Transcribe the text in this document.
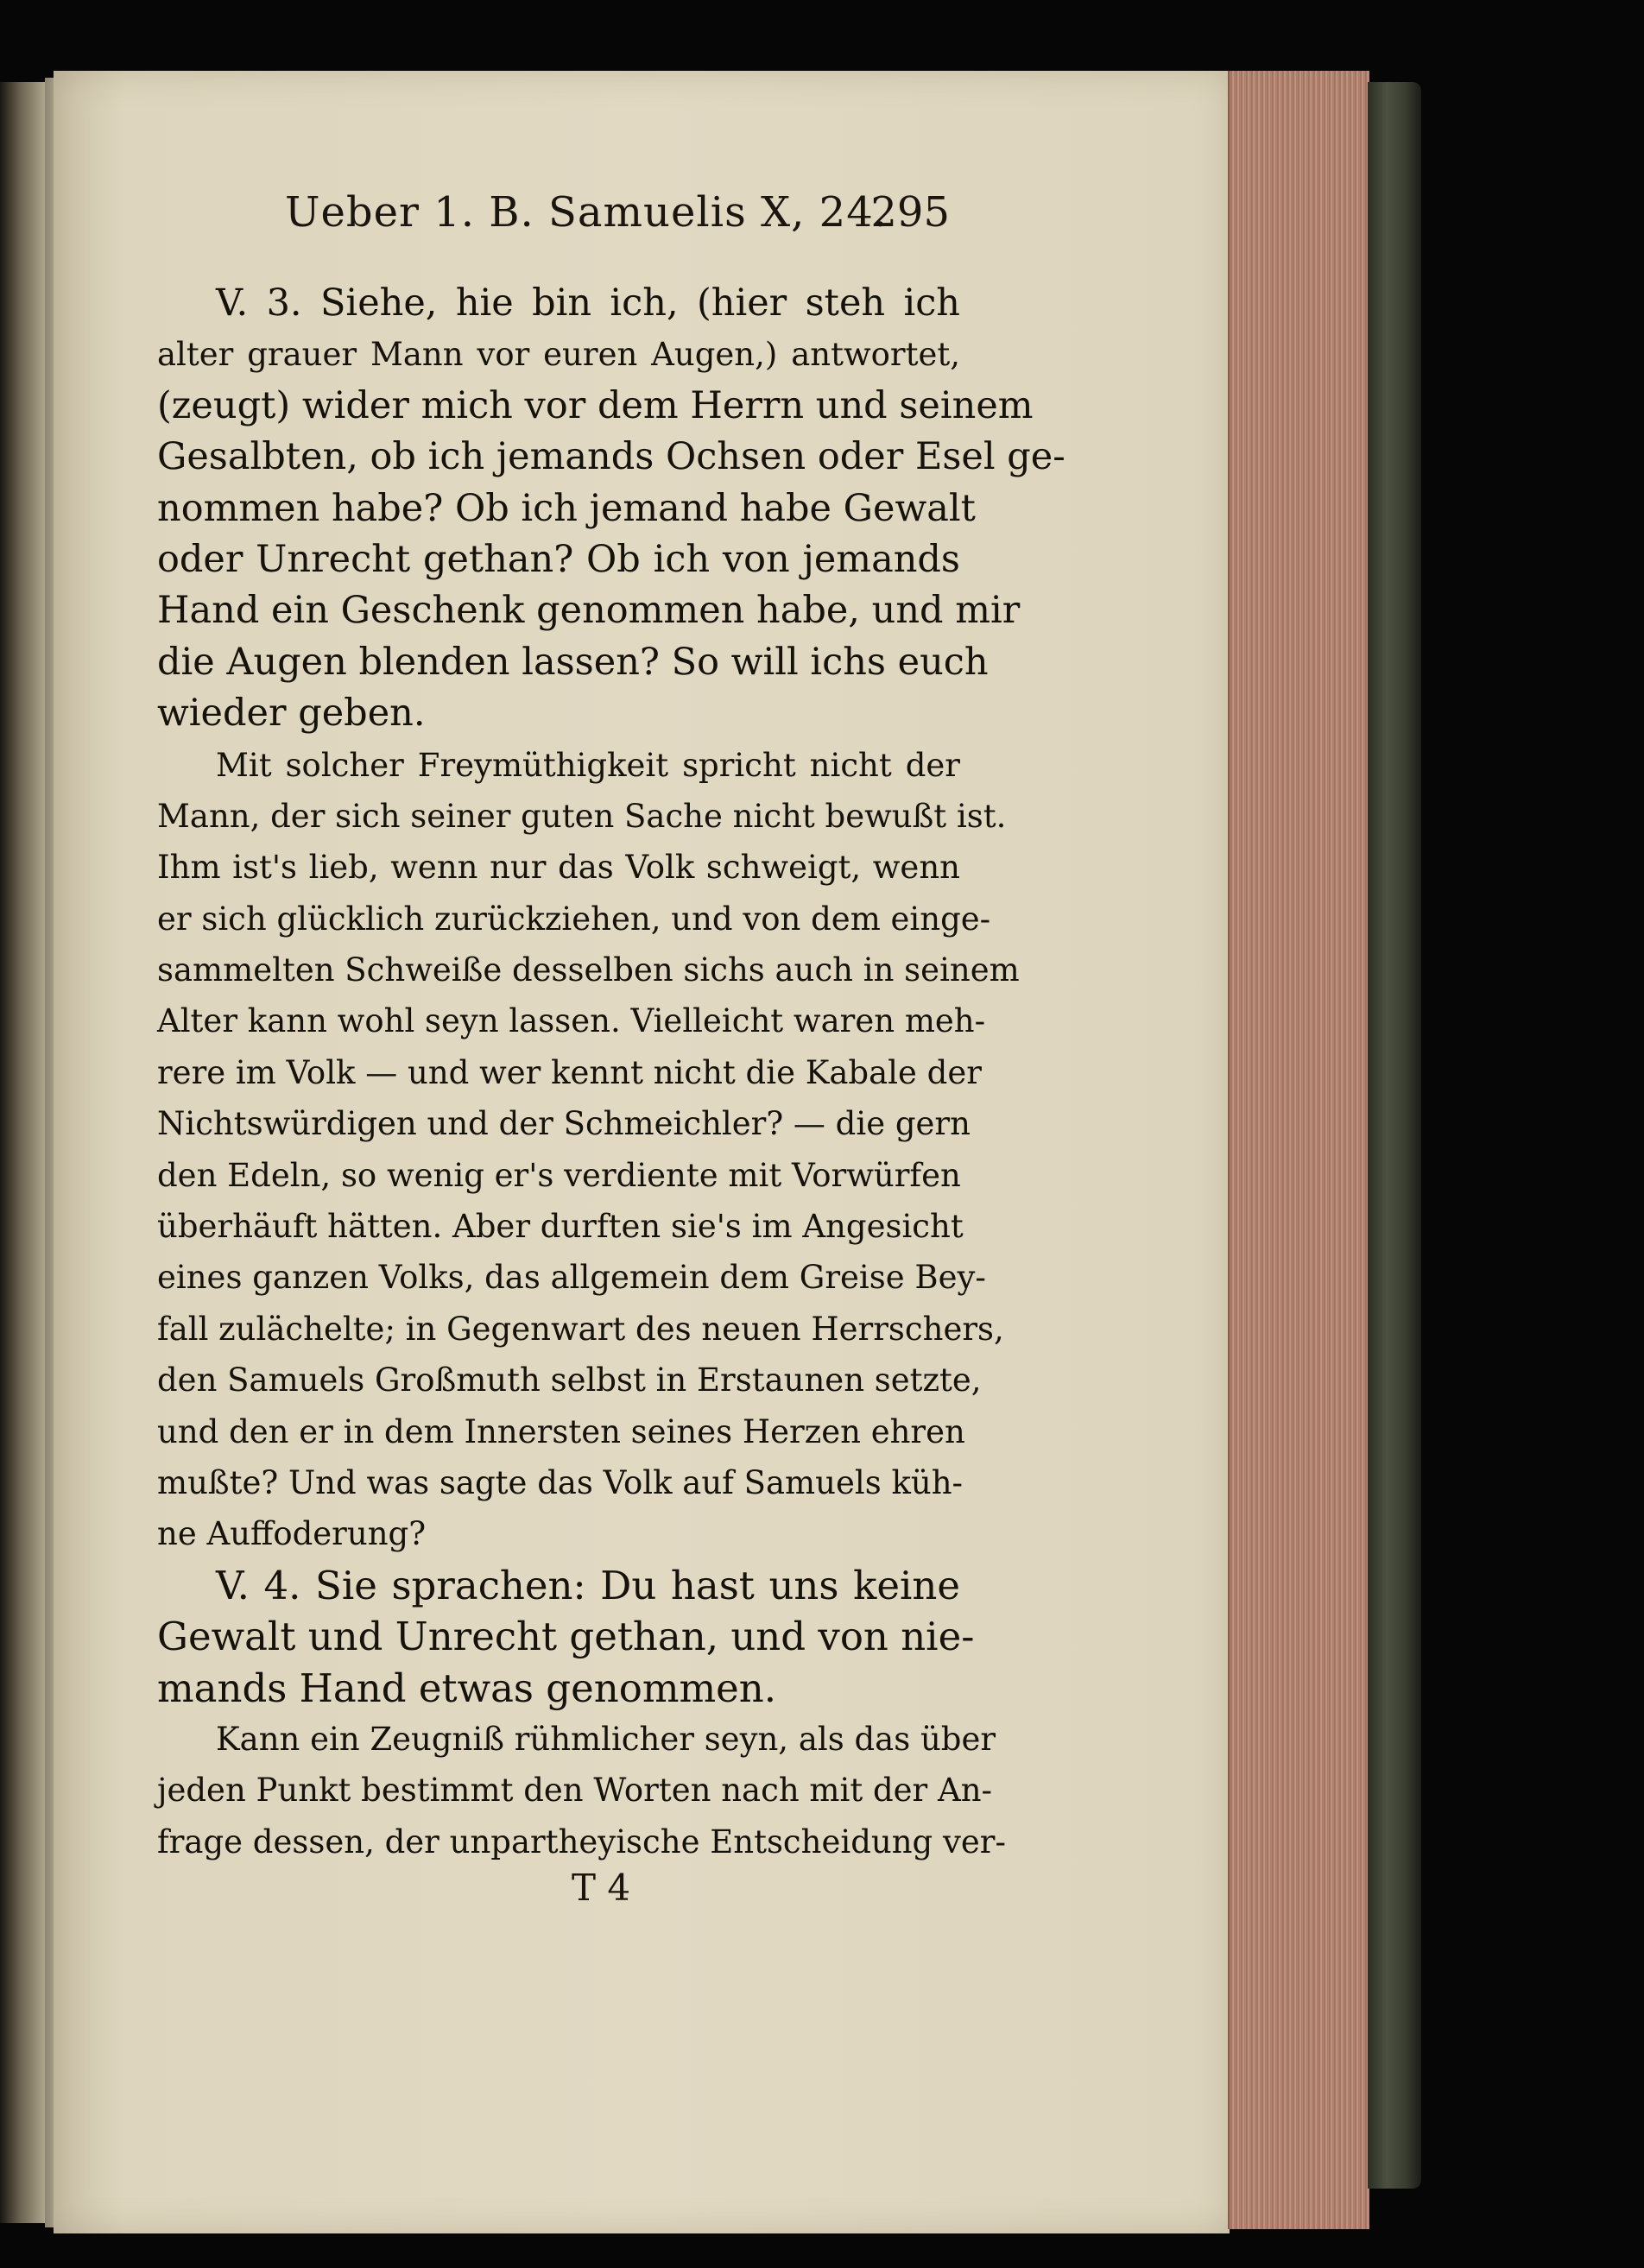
Ueber 1. B. Samuelis X, 24.
295
V. 3. Siehe, hie bin ich, (hier steh ich
alter grauer Mann vor euren Augen,) antwortet,
(zeugt) wider mich vor dem Herrn und seinem
Gesalbten, ob ich jemands Ochsen oder Esel ge-
nommen habe? Ob ich jemand habe Gewalt
oder Unrecht gethan? Ob ich von jemands
Hand ein Geschenk genommen habe, und mir
die Augen blenden lassen? So will ichs euch
wieder geben.
Mit solcher Freymüthigkeit spricht nicht der
Mann, der sich seiner guten Sache nicht bewußt ist.
Ihm ist's lieb, wenn nur das Volk schweigt, wenn
er sich glücklich zurückziehen, und von dem einge-
sammelten Schweiße desselben sichs auch in seinem
Alter kann wohl seyn lassen. Vielleicht waren meh-
rere im Volk — und wer kennt nicht die Kabale der
Nichtswürdigen und der Schmeichler? — die gern
den Edeln, so wenig er's verdiente mit Vorwürfen
überhäuft hätten. Aber durften sie's im Angesicht
eines ganzen Volks, das allgemein dem Greise Bey-
fall zulächelte; in Gegenwart des neuen Herrschers,
den Samuels Großmuth selbst in Erstaunen setzte,
und den er in dem Innersten seines Herzen ehren
mußte? Und was sagte das Volk auf Samuels küh-
ne Auffoderung?
V. 4. Sie sprachen: Du hast uns keine
Gewalt und Unrecht gethan, und von nie-
mands Hand etwas genommen.
Kann ein Zeugniß rühmlicher seyn, als das über
jeden Punkt bestimmt den Worten nach mit der An-
frage dessen, der unpartheyische Entscheidung ver-
T 4
